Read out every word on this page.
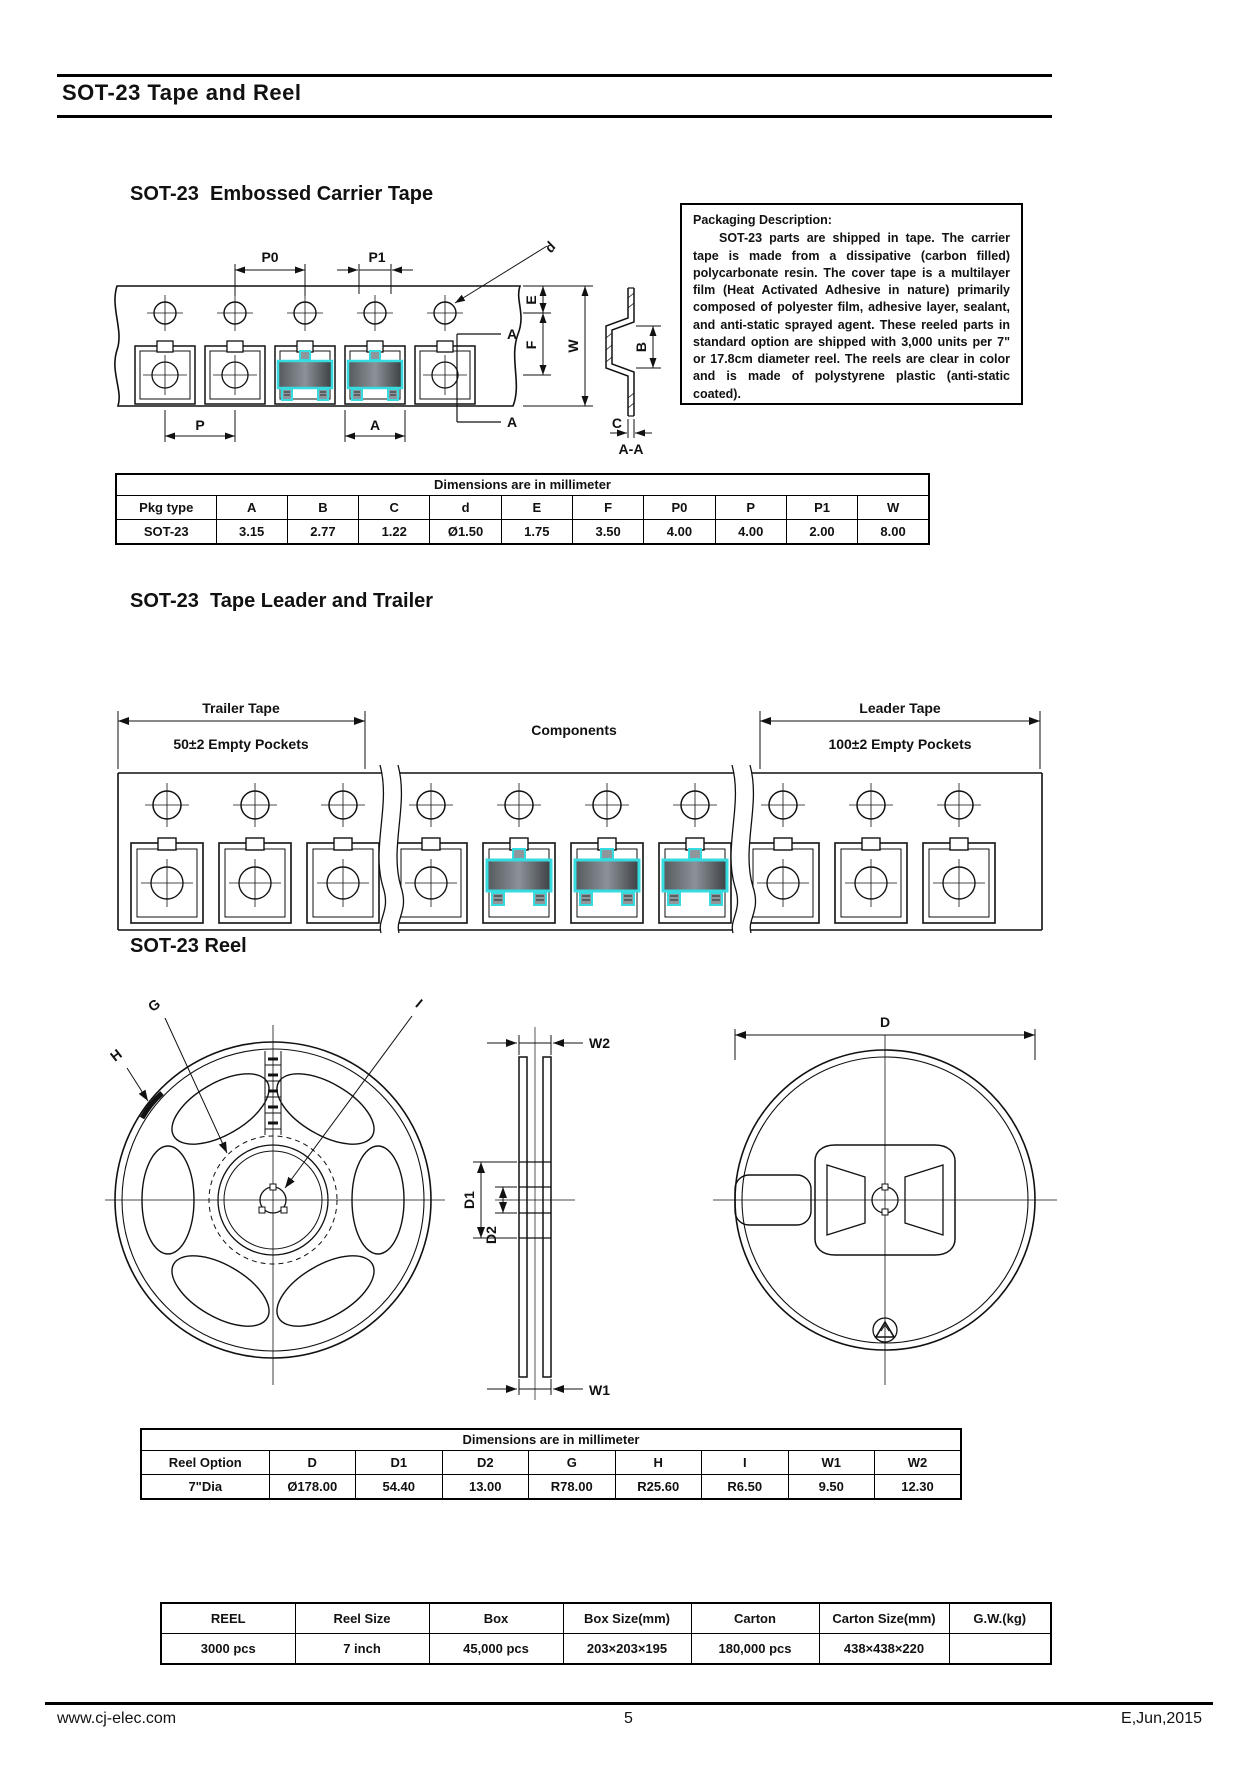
SOT-23 Tape and Reel
SOT-23  Embossed Carrier Tape
P0	P1
d
A
A
E
F W
P	A
B
C
A-A
Packaging Description:
SOT-23 parts are shipped in tape. The carrier tape is made from a dissipative (carbon filled) polycarbonate resin. The cover tape is a multilayer film (Heat Activated Adhesive in nature) primarily composed of polyester film, adhesive layer, sealant, and anti-static sprayed agent. These reeled parts in standard option are shipped with 3,000 units per 7" or 17.8cm diameter reel. The reels are clear in color and is made of polystyrene plastic (anti-static coated).
Dimensions are in millimeter										
Pkg type	A	B	C	d	E	F	P0	P	P1	W
SOT-23	3.15	2.77	1.22	Ø1.50	1.75	3.50	4.00	4.00	2.00	8.00
SOT-23  Tape Leader and Trailer
Trailer Tape
50±2 Empty Pockets
Components
Leader Tape
100±2 Empty Pockets
SOT-23 Reel
G
H
I
W2
D1
D2
W1
D
Dimensions are in millimeter								
Reel Option	D	D1	D2	G	H	I	W1	W2
7"Dia	Ø178.00	54.40	13.00	R78.00	R25.60	R6.50	9.50	12.30
REEL	Reel Size	Box	Box Size(mm)	Carton	Carton Size(mm)	G.W.(kg)
3000 pcs	7 inch	45,000 pcs	203×203×195	180,000 pcs	438×438×220	
www.cj-elec.com	5	E,Jun,2015
